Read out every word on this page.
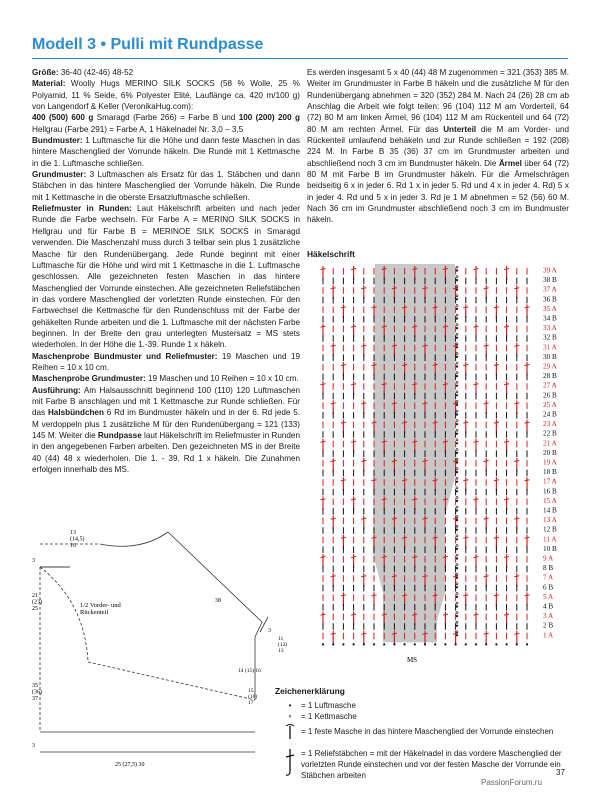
Modell 3 • Pulli mit Rundpasse

Größe: 36-40 (42-46) 48-52

Material: Woolly Hugs MERINO SILK SOCKS (58 % Wolle, 25 % Polyamid, 11 % Seide, 6% Polyester Elité, Lauflänge ca. 420 m/100 g) von Langendorf & Keller (VeronikaHug.com):

400 (500) 600 g Smaragd (Farbe 266) = Farbe B und 100 (200) 200 g Hellgrau (Farbe 291) = Farbe A, 1 Häkelnadel Nr. 3,0 – 3,5

Bundmuster: 1 Luftmasche für die Höhe und dann feste Maschen in das hintere Maschenglied der Vorrunde häkeln. Die Runde mit 1 Kettmasche in die 1. Luftmasche schließen.

Grundmuster: 3 Luftmaschen als Ersatz für das 1. Stäbchen und dann Stäbchen in das hintere Maschenglied der Vorrunde häkeln. Die Runde mit 1 Kettmasche in die oberste Ersatzluftmasche schließen.

Reliefmuster in Runden: Laut Häkelschrift arbeiten und nach jeder Runde die Farbe wechseln. Für Farbe A = MERINO SILK SOCKS in Hellgrau und für Farbe B = MERINOE SILK SOCKS in Smaragd verwenden. Die Maschenzahl muss durch 3 teilbar sein plus 1 zusätzliche Masche für den Rundenübergang. Jede Runde beginnt mit einer Luftmasche für die Höhe und wird mit 1 Kettmasche in die 1. Luftmasche geschlossen. Alle gezeichneten festen Maschen in das hintere Maschenglied der Vorrunde einstechen. Alle gezeichneten Reliefstäbchen in das vordere Maschenglied der vorletzten Runde einstechen. Für den Farbwechsel die Kettmasche für den Rundenschluss mit der Farbe der gehäkelten Runde arbeiten und die 1. Luftmasche mit der nächsten Farbe beginnen. In der Breite den grau unterlegten Mustersatz = MS stets wiederholen. In der Höhe die 1.-39. Runde 1 x häkeln.

Maschenprobe Bundmuster und Reliefmuster: 19 Maschen und 19 Reihen = 10 x 10 cm.

Maschenprobe Grundmuster: 19 Maschen und 10 Reihen = 10 x 10 cm.

Ausführung: Am Halsausschnitt beginnend 100 (110) 120 Luftmaschen mit Farbe B anschlagen und mit 1 Kettmasche zur Runde schließen. Für das Halsbündchen 6 Rd im Bundmuster häkeln und in der 6. Rd jede 5. M verdoppeln plus 1 zusätzliche M für den Rundenübergang = 121 (133) 145 M. Weiter die Rundpasse laut Häkelschrift im Reliefmuster in Runden in den angegebenen Farben arbeiten. Den gezeichneten MS in der Breite 40 (44) 48 x wiederholen. Die 1. - 39. Rd 1 x häkeln. Die Zunahmen erfolgen innerhalb des MS.

Es werden insgesamt 5 x 40 (44) 48 M zugenommen = 321 (353) 385 M. Weiter im Grundmuster in Farbe B häkeln und die zusätzliche M für den Rundenübergang abnehmen = 320 (352) 284 M. Nach 24 (26) 28 cm ab Anschlag die Arbeit wie folgt teilen: 96 (104) 112 M am Vorderteil, 64 (72) 80 M am linken Ärmel, 96 (104) 112 M am Rückenteil und 64 (72) 80 M am rechten Ärmel. Für das Unterteil die M am Vorder- und Rückenteil umlaufend behäkeln und zur Runde schließen = 192 (208) 224 M. In Farbe B 35 (36) 37 cm im Grundmuster arbeiten und abschließend noch 3 cm im Bundmuster häkeln. Die Ärmel über 64 (72) 80 M mit Farbe B im Grundmuster häkeln. Für die Ärmelschrägen beidseitig 6 x in jeder 6. Rd 1 x in jeder 5. Rd und 4 x in jeder 4. Rd) 5 x in jeder 4. Rd und 5 x in jeder 3. Rd je 1 M abnehmen = 52 (56) 60 M. Nach 36 cm im Grundmuster abschließend noch 3 cm im Bundmuster häkeln.

Häkelschrift
39 A
38 B
37 A
36 B
35 A
34 B
33 A
32 B
31 A
30 B
29 A
28 B
27 A
26 B
25 A
24 B
23 A
22 B
21 A
20 B
19 A
18 B
17 A
16 B
15 A
14 B
13 A
12 B
11 A
10 B
9 A
8 B
7 A
6 B
5 A
4 B
3 A
2 B
1 A
MS
13 (14,5) 16
3
21 (23) 25
1/2 Vorder- und Rückenteil
38
3
11 (12) 13
14 (15) 16
15 (16) 17
35 (36) 37
3
25 (27,5) 30
Zeichenerklärung
•	= 1 Luftmasche
∘	= 1 Kettmasche
= 1 feste Masche in das hintere Maschenglied der Vorrunde einstechen
= 1 Reliefstäbchen = mit der Häkelnadel in das vordere Maschenglied der vorletzten Runde einstechen und vor der festen Masche der Vorrunde ein Stäbchen arbeiten	37
PassionForum.ru
